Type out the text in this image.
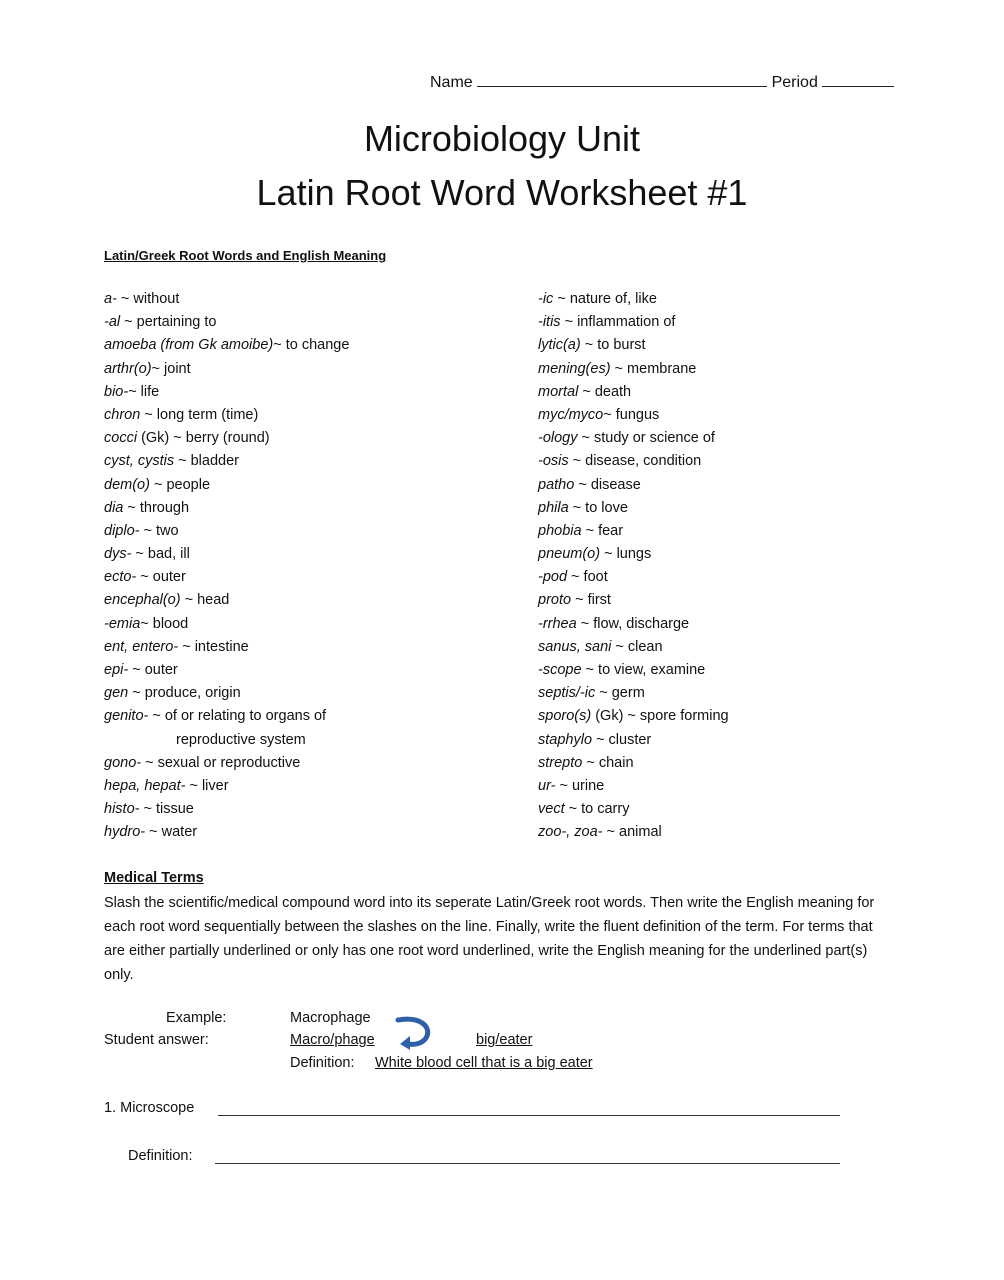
Name	Period
Microbiology Unit
Latin Root Word Worksheet #1
Latin/Greek Root Words and English Meaning
a- ~ without
-al ~ pertaining to
amoeba (from Gk amoibe)~ to change
arthr(o)~ joint
bio-~ life
chron ~ long term (time)
cocci (Gk) ~ berry (round)
cyst, cystis ~ bladder
dem(o) ~ people
dia ~ through
diplo- ~ two
dys- ~ bad, ill
ecto- ~ outer
encephal(o) ~ head
-emia~ blood
ent, entero- ~ intestine
epi- ~ outer
gen ~ produce, origin
genito- ~ of or relating to organs of
reproductive system
gono- ~ sexual or reproductive
hepa, hepat- ~ liver
histo- ~ tissue
hydro- ~ water
-ic ~ nature of, like
-itis ~ inflammation of
lytic(a) ~ to burst
mening(es) ~ membrane
mortal ~ death
myc/myco~ fungus
-ology ~ study or science of
-osis ~ disease, condition
patho ~ disease
phila ~ to love
phobia ~ fear
pneum(o) ~ lungs
-pod ~ foot
proto ~ first
-rrhea ~ flow, discharge
sanus, sani ~ clean
-scope ~ to view, examine
septis/-ic ~ germ
sporo(s) (Gk) ~ spore forming
staphylo ~ cluster
strepto ~ chain
ur- ~ urine
vect ~ to carry
zoo-, zoa- ~ animal
Medical Terms
Slash the scientific/medical compound word into its seperate Latin/Greek root words. Then write the English meaning for each root word sequentially between the slashes on the line. Finally, write the fluent definition of the term. For terms that are either partially underlined or only has one root word underlined, write the English meaning for the underlined part(s) only.
Example:	Macrophage
Student answer:	Macro/phage	big/eater
Definition: White blood cell that is a big eater
1. Microscope
Definition:
